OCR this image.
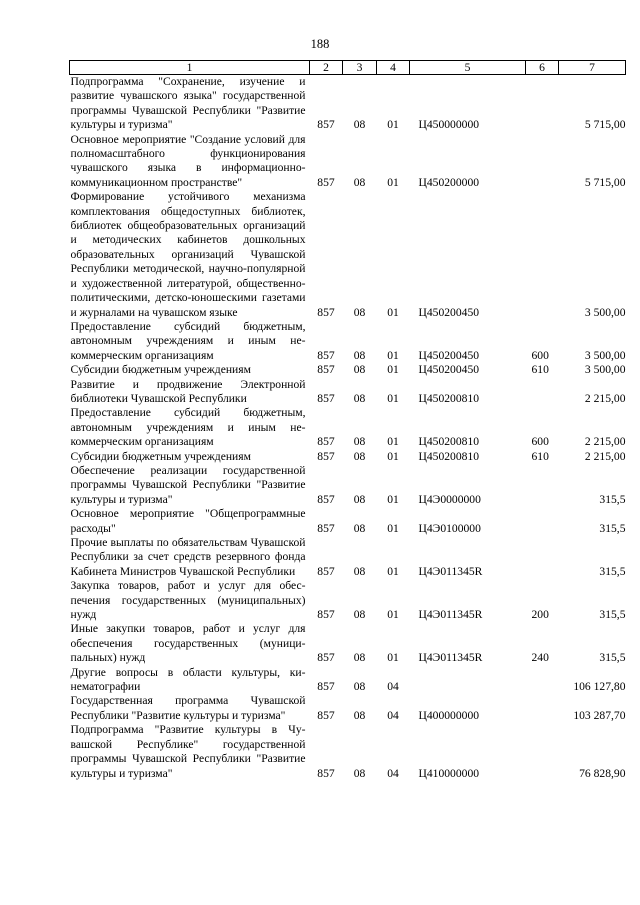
188
1	2	3	4	5	6	7
Подпрограмма "Сохранение, изучение и развитие чувашского языка" государственной программы Чувашской Республики "Развитие культуры и туризма"	857	08	01	Ц450000000		5 715,00
Основное мероприятие "Создание условий для полномасштабного функционирования чувашского языка в информационно-коммуникационном пространстве"	857	08	01	Ц450200000		5 715,00
Формирование устойчивого механизма комплектования общедоступных библиотек, библиотек общеобразовательных организаций и методических кабинетов дошкольных образовательных организаций Чувашской Республики методической, научно-популярной и художественной литературой, общественно-политическими, детско-юношескими газетами и журналами на чувашском языке	857	08	01	Ц450200450		3 500,00
Предоставление субсидий бюджетным, автономным учреждениям и иным некоммерческим организациям	857	08	01	Ц450200450	600	3 500,00
Субсидии бюджетным учреждениям	857	08	01	Ц450200450	610	3 500,00
Развитие и продвижение Электронной библиотеки Чувашской Республики	857	08	01	Ц450200810		2 215,00
Предоставление субсидий бюджетным, автономным учреждениям и иным некоммерческим организациям	857	08	01	Ц450200810	600	2 215,00
Субсидии бюджетным учреждениям	857	08	01	Ц450200810	610	2 215,00
Обеспечение реализации государственной программы Чувашской Республики "Развитие культуры и туризма"	857	08	01	Ц4Э0000000		315,5
Основное мероприятие "Общепрограммные расходы"	857	08	01	Ц4Э0100000		315,5
Прочие выплаты по обязательствам Чувашской Республики за счет средств резервного фонда Кабинета Министров Чувашской Республики	857	08	01	Ц4Э011345R		315,5
Закупка товаров, работ и услуг для обеспечения государственных (муниципальных) нужд	857	08	01	Ц4Э011345R	200	315,5
Иные закупки товаров, работ и услуг для обеспечения государственных (муниципальных) нужд	857	08	01	Ц4Э011345R	240	315,5
Другие вопросы в области культуры, кинематографии	857	08	04			106 127,80
Государственная программа Чувашской Республики "Развитие культуры и туризма"	857	08	04	Ц400000000		103 287,70
Подпрограмма "Развитие культуры в Чувашской Республике" государственной программы Чувашской Республики "Развитие культуры и туризма"	857	08	04	Ц410000000		76 828,90
